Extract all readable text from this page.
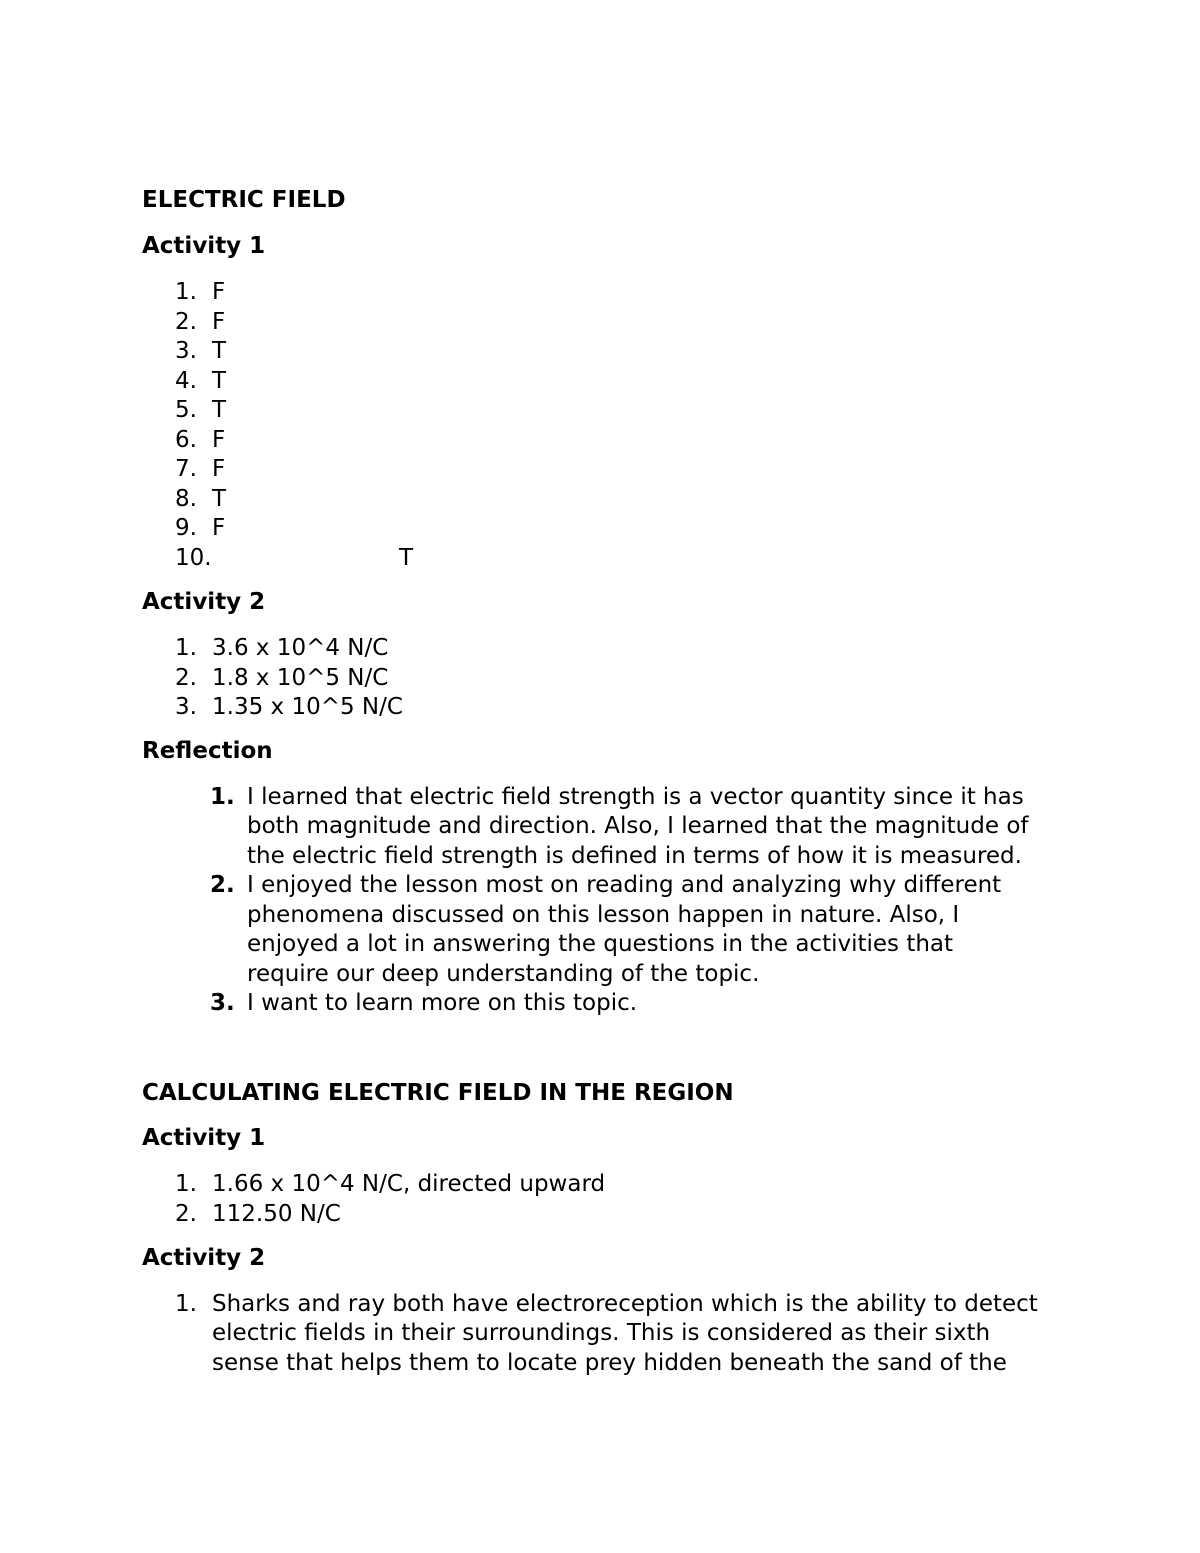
ELECTRIC FIELD
Activity 1
1. F
2. F
3. T
4. T
5. T
6. F
7. F
8. T
9. F
10.	T
Activity 2
1. 3.6 x 10^4 N/C
2. 1.8 x 10^5 N/C
3. 1.35 x 10^5 N/C
Reflection
1. I learned that electric field strength is a vector quantity since it has
both magnitude and direction. Also, I learned that the magnitude of
the electric field strength is defined in terms of how it is measured.
2. I enjoyed the lesson most on reading and analyzing why different
phenomena discussed on this lesson happen in nature. Also, I
enjoyed a lot in answering the questions in the activities that
require our deep understanding of the topic.
3. I want to learn more on this topic.
CALCULATING ELECTRIC FIELD IN THE REGION
Activity 1
1. 1.66 x 10^4 N/C, directed upward
2. 112.50 N/C
Activity 2
1. Sharks and ray both have electroreception which is the ability to detect
electric fields in their surroundings. This is considered as their sixth
sense that helps them to locate prey hidden beneath the sand of the
